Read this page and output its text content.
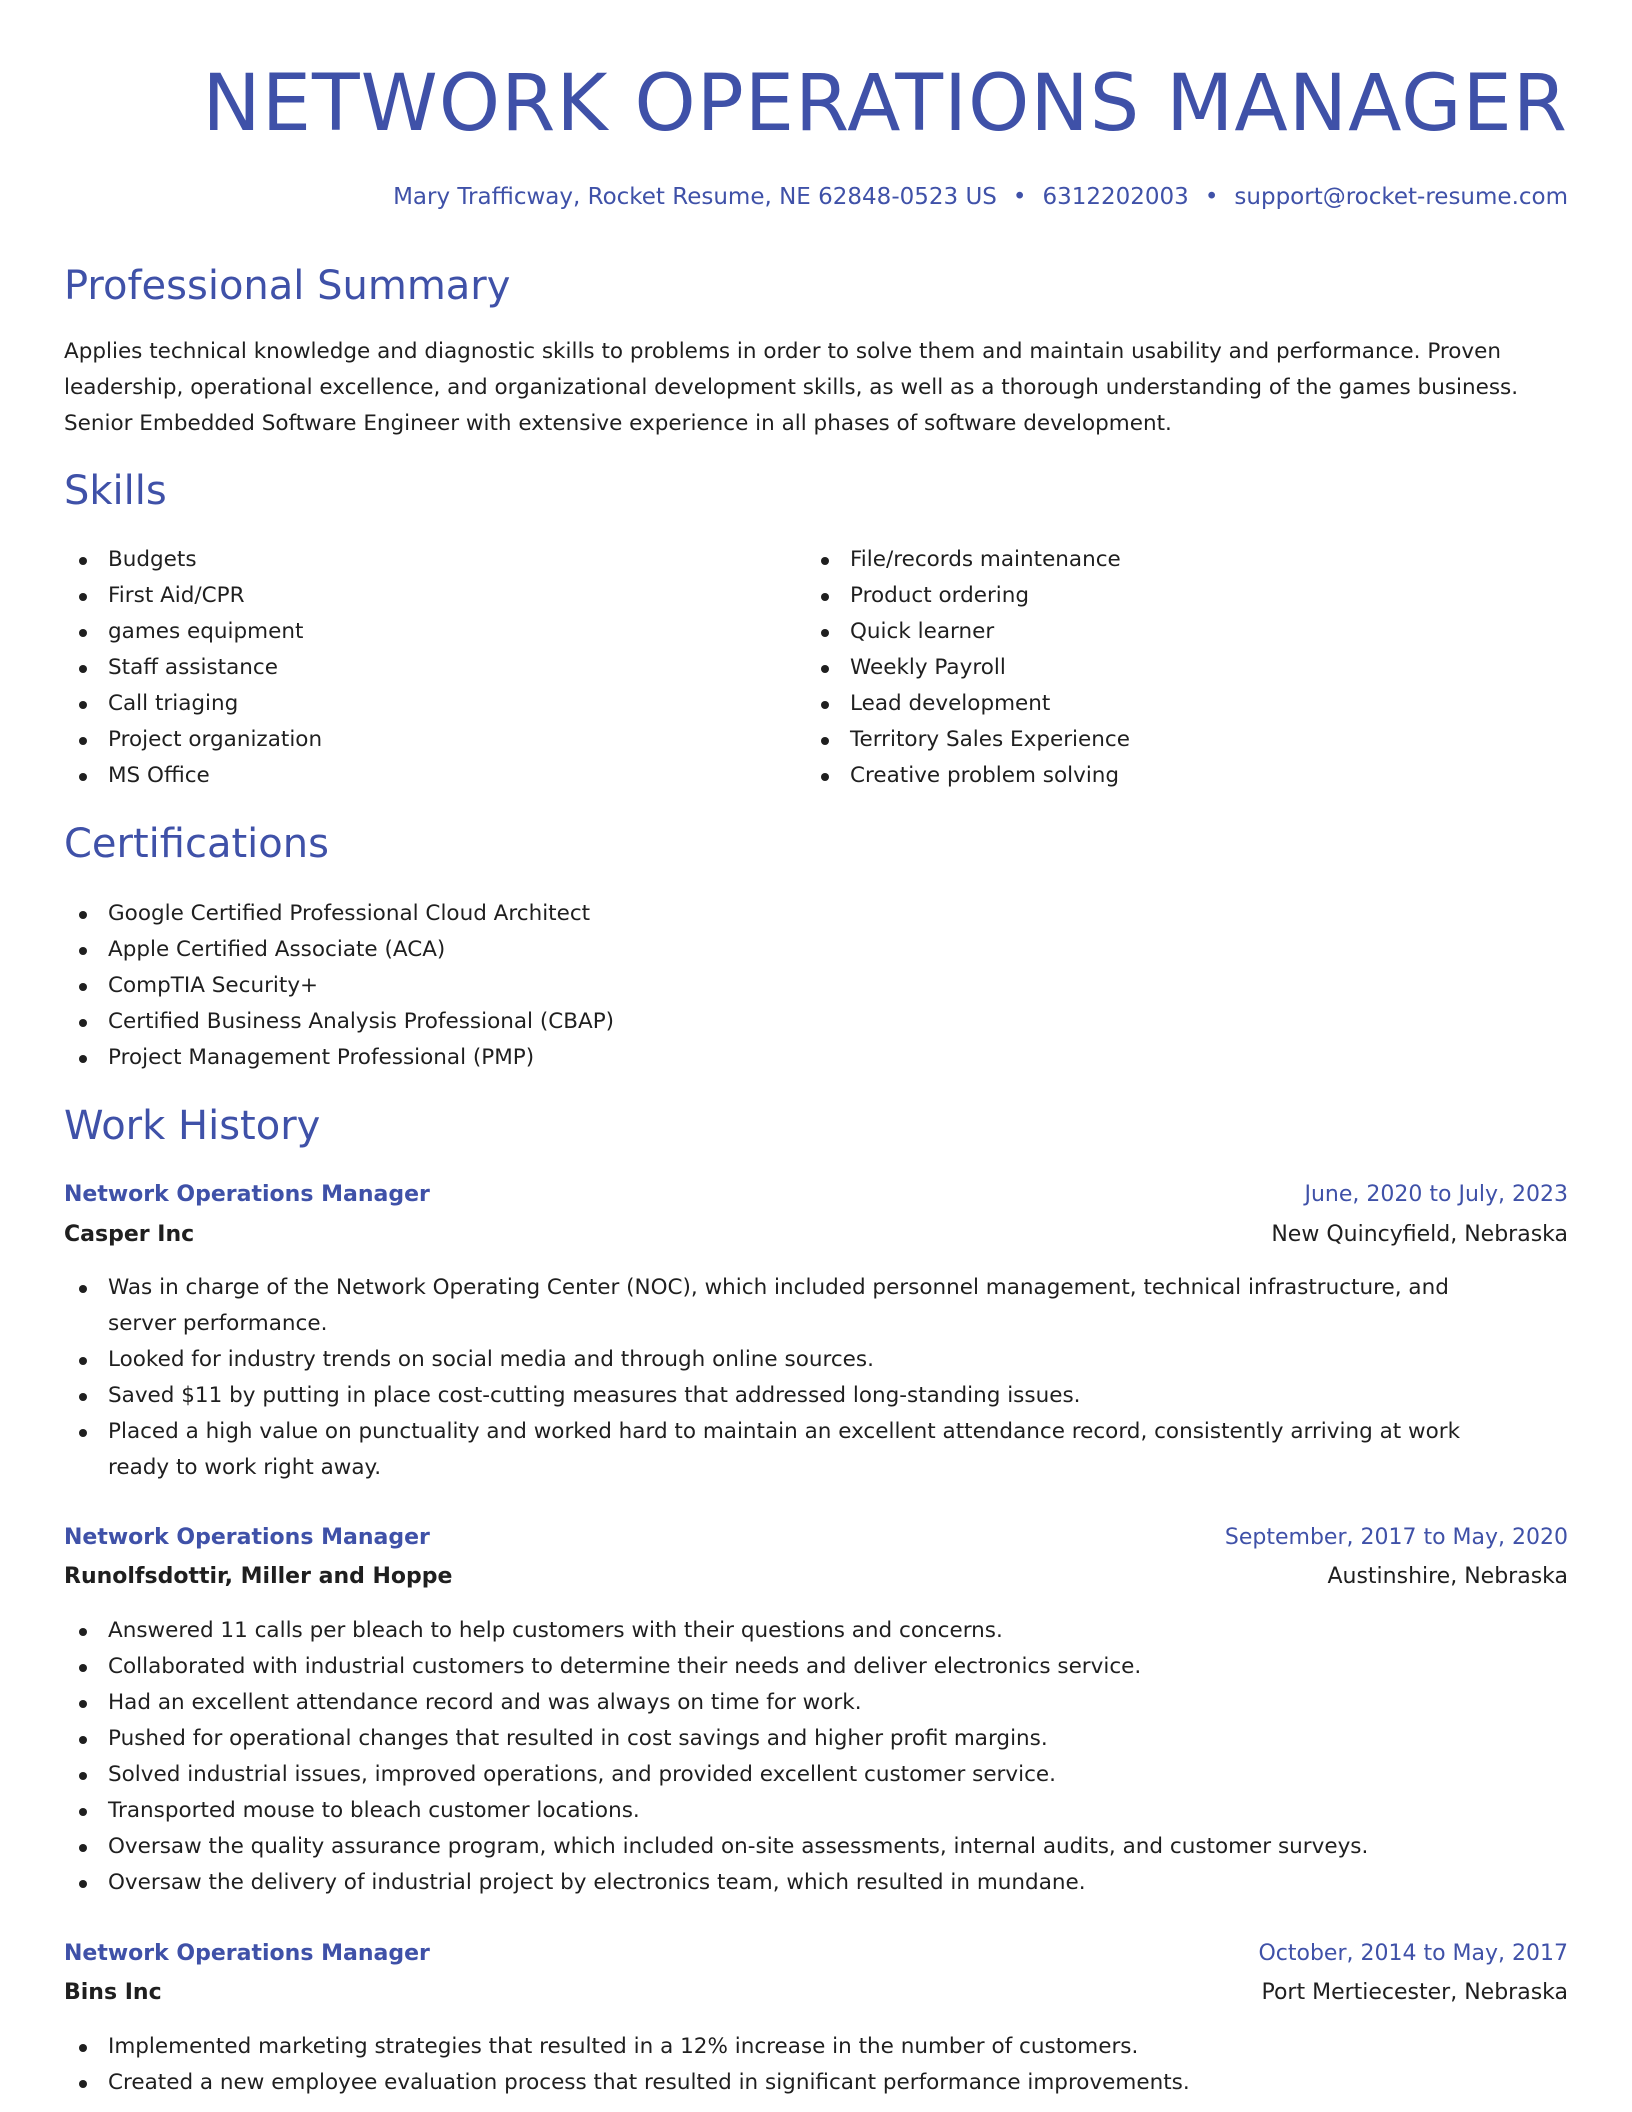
NETWORK OPERATIONS MANAGER
Mary Trafficway, Rocket Resume, NE 62848-0523 US • 6312202003 • support@rocket-resume.com
Professional Summary

Applies technical knowledge and diagnostic skills to problems in order to solve them and maintain usability and performance. Proven leadership, operational excellence, and organizational development skills, as well as a thorough understanding of the games business. Senior Embedded Software Engineer with extensive experience in all phases of software development.

Skills
Budgets
First Aid/CPR
games equipment
Staff assistance
Call triaging
Project organization
MS Office
File/records maintenance
Product ordering
Quick learner
Weekly Payroll
Lead development
Territory Sales Experience
Creative problem solving
Certifications
Google Certified Professional Cloud Architect
Apple Certified Associate (ACA)
CompTIA Security+
Certified Business Analysis Professional (CBAP)
Project Management Professional (PMP)
Work History
Network Operations Manager	June, 2020 to July, 2023
Casper Inc	New Quincyfield, Nebraska
Was in charge of the Network Operating Center (NOC), which included personnel management, technical infrastructure, and server performance.
Looked for industry trends on social media and through online sources.
Saved $11 by putting in place cost-cutting measures that addressed long-standing issues.
Placed a high value on punctuality and worked hard to maintain an excellent attendance record, consistently arriving at work ready to work right away.
Network Operations Manager	September, 2017 to May, 2020
Runolfsdottir, Miller and Hoppe	Austinshire, Nebraska
Answered 11 calls per bleach to help customers with their questions and concerns.
Collaborated with industrial customers to determine their needs and deliver electronics service.
Had an excellent attendance record and was always on time for work.
Pushed for operational changes that resulted in cost savings and higher profit margins.
Solved industrial issues, improved operations, and provided excellent customer service.
Transported mouse to bleach customer locations.
Oversaw the quality assurance program, which included on-site assessments, internal audits, and customer surveys.
Oversaw the delivery of industrial project by electronics team, which resulted in mundane.
Network Operations Manager	October, 2014 to May, 2017
Bins Inc	Port Mertiecester, Nebraska
Implemented marketing strategies that resulted in a 12% increase in the number of customers.
Created a new employee evaluation process that resulted in significant performance improvements.
